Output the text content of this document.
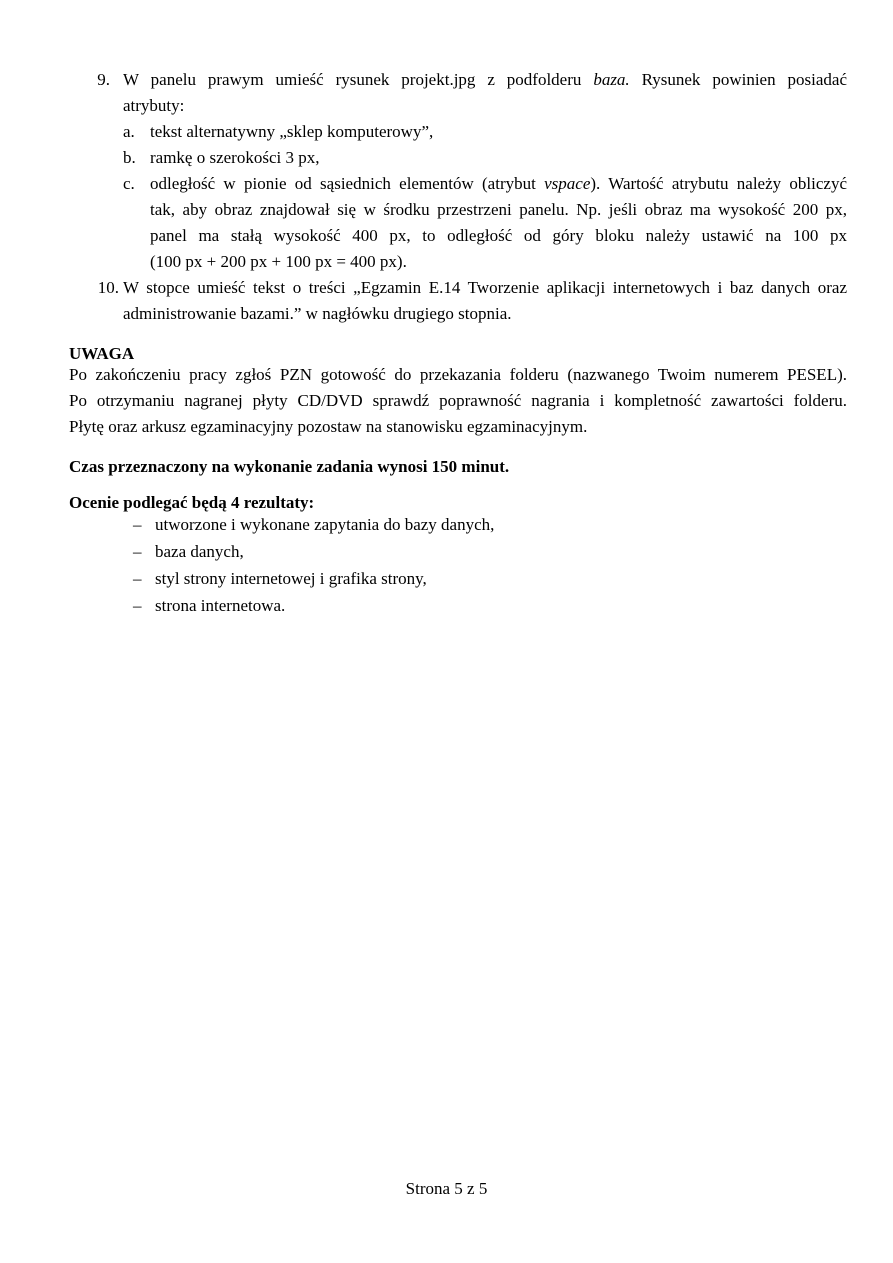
9. W panelu prawym umieść rysunek projekt.jpg z podfolderu baza. Rysunek powinien posiadać
atrybuty:
a. tekst alternatywny „sklep komputerowy”,
b. ramkę o szerokości 3 px,
c. odległość w pionie od sąsiednich elementów (atrybut vspace). Wartość atrybutu należy obliczyć
tak, aby obraz znajdował się w środku przestrzeni panelu. Np. jeśli obraz ma wysokość 200 px,
panel ma stałą wysokość 400 px, to odległość od góry bloku należy ustawić na 100 px
(100 px + 200 px + 100 px = 400 px).
10. W stopce umieść tekst o treści „Egzamin E.14 Tworzenie aplikacji internetowych i baz danych oraz
administrowanie bazami.” w nagłówku drugiego stopnia.
UWAGA
Po zakończeniu pracy zgłoś PZN gotowość do przekazania folderu (nazwanego Twoim numerem PESEL).
Po otrzymaniu nagranej płyty CD/DVD sprawdź poprawność nagrania i kompletność zawartości folderu.
Płytę oraz arkusz egzaminacyjny pozostaw na stanowisku egzaminacyjnym.
Czas przeznaczony na wykonanie zadania wynosi 150 minut.
Ocenie podlegać będą 4 rezultaty:
– utworzone i wykonane zapytania do bazy danych,
– baza danych,
– styl strony internetowej i grafika strony,
– strona internetowa.
Strona 5 z 5
